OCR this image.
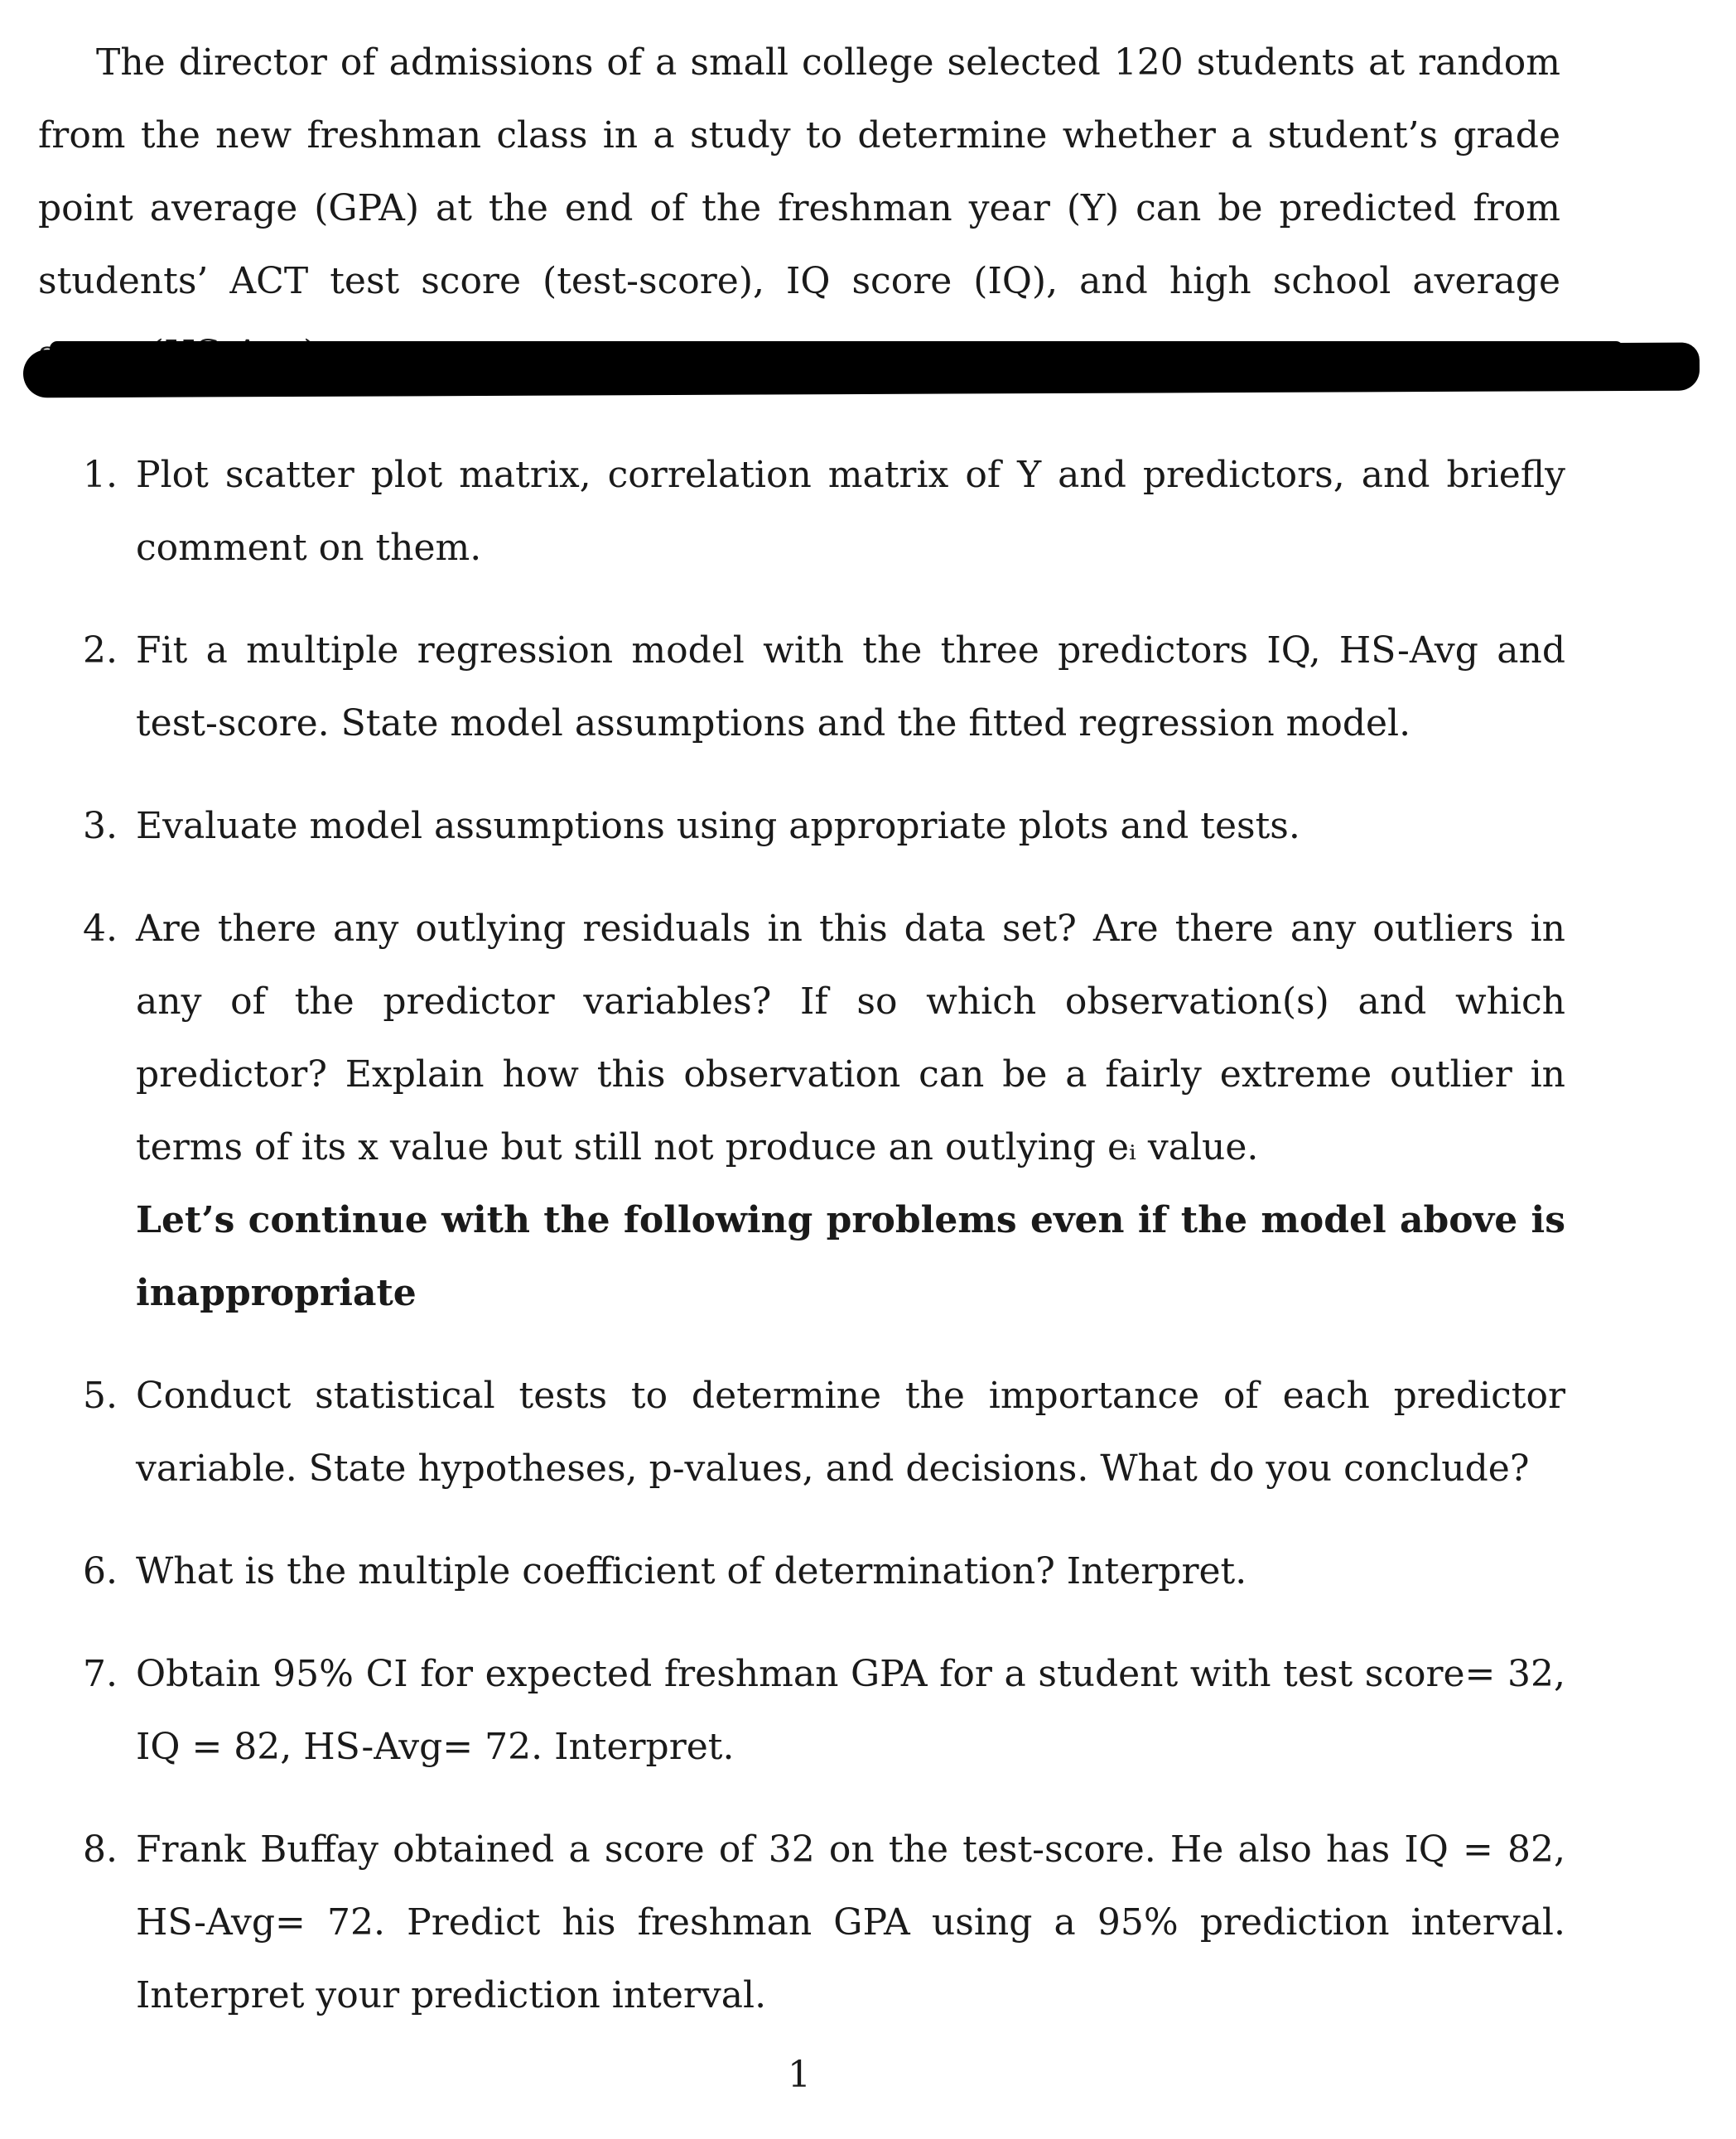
The director of admissions of a small college selected 120 students at random from the new freshman class in a study to determine whether a student’s grade point average (GPA) at the end of the freshman year (Y) can be predicted from students’ ACT test score (test-score), IQ score (IQ), and high school average

1. Plot scatter plot matrix, correlation matrix of Y and predictors, and briefly comment on them.
2. Fit a multiple regression model with the three predictors IQ, HS-Avg and test-score. State model assumptions and the fitted regression model.
3. Evaluate model assumptions using appropriate plots and tests.
4. Are there any outlying residuals in this data set? Are there any outliers in any of the predictor variables? If so which observation(s) and which predictor? Explain how this observation can be a fairly extreme outlier in terms of its x value but still not produce an outlying eᵢ value.
Let’s continue with the following problems even if the model above is inappropriate
5. Conduct statistical tests to determine the importance of each predictor variable. State hypotheses, p-values, and decisions. What do you conclude?
6. What is the multiple coefficient of determination? Interpret.
7. Obtain 95% CI for expected freshman GPA for a student with test score= 32, IQ = 82, HS-Avg= 72. Interpret.
8. Frank Buffay obtained a score of 32 on the test-score. He also has IQ = 82, HS-Avg= 72. Predict his freshman GPA using a 95% prediction interval. Interpret your prediction interval.
1
